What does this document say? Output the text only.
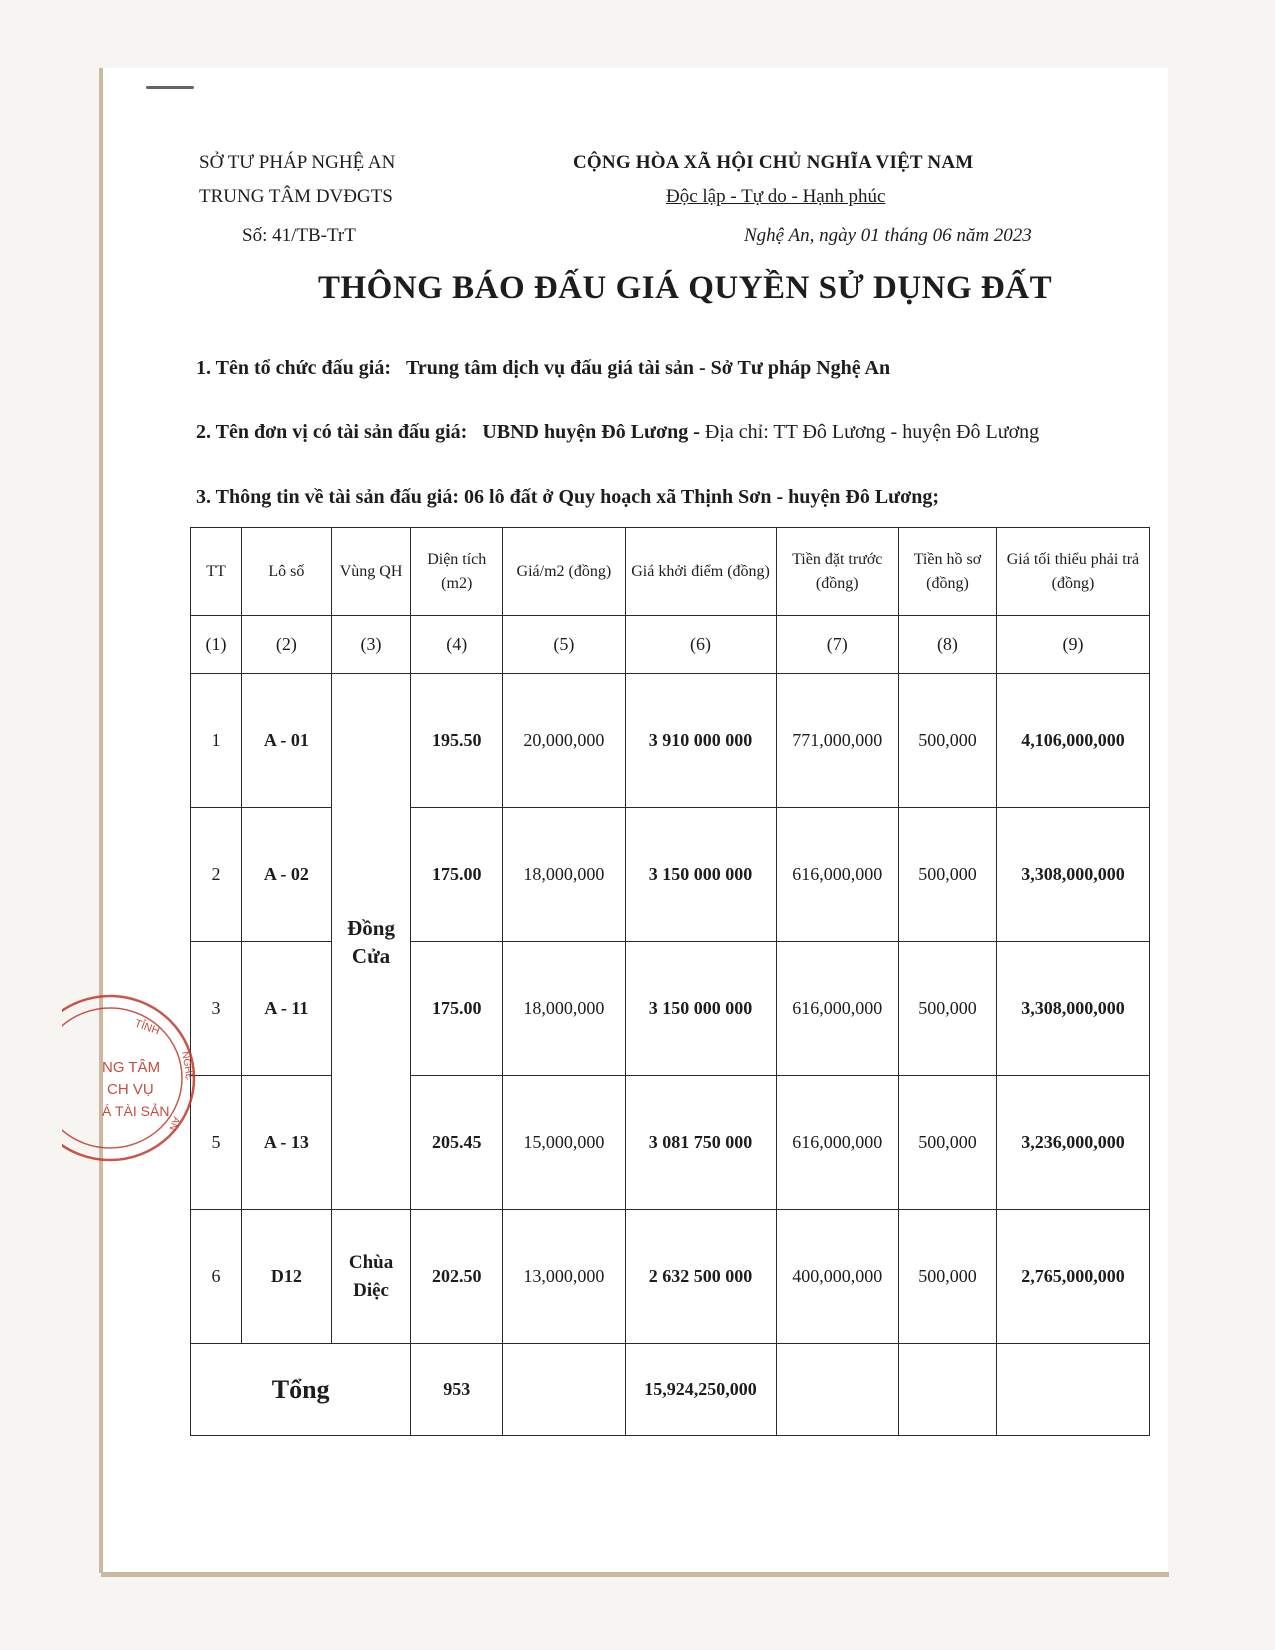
SỞ TƯ PHÁP NGHỆ AN
TRUNG TÂM DVĐGTS
Số: 41/TB-TrT
CỘNG HÒA XÃ HỘI CHỦ NGHĨA VIỆT NAM
Độc lập - Tự do - Hạnh phúc
Nghệ An, ngày 01 tháng 06 năm 2023
THÔNG BÁO ĐẤU GIÁ QUYỀN SỬ DỤNG ĐẤT
1. Tên tổ chức đấu giá: Trung tâm dịch vụ đấu giá tài sản - Sở Tư pháp Nghệ An
2. Tên đơn vị có tài sản đấu giá: UBND huyện Đô Lương - Địa chỉ: TT Đô Lương - huyện Đô Lương
3. Thông tin về tài sản đấu giá: 06 lô đất ở Quy hoạch xã Thịnh Sơn - huyện Đô Lương;
TT	Lô số	Vùng QH	Diện tích (m2)	Giá/m2 (đồng)	Giá khởi điểm (đồng)	Tiền đặt trước (đồng)	Tiền hồ sơ (đồng)	Giá tối thiểu phải trả (đồng)
(1)	(2)	(3)	(4)	(5)	(6)	(7)	(8)	(9)
1	A - 01	Đồng Cửa	195.50	20,000,000	3 910 000 000	771,000,000	500,000	4,106,000,000
2	A - 02		175.00	18,000,000	3 150 000 000	616,000,000	500,000	3,308,000,000
3	A - 11		175.00	18,000,000	3 150 000 000	616,000,000	500,000	3,308,000,000
5	A - 13		205.45	15,000,000	3 081 750 000	616,000,000	500,000	3,236,000,000
6	D12	Chùa Diệc	202.50	13,000,000	2 632 500 000	400,000,000	500,000	2,765,000,000
Tổng			953		15,924,250,000			
TỈNH
NGHỆ
AN
NG TÂM
CH VỤ
Á TÀI SẢN
